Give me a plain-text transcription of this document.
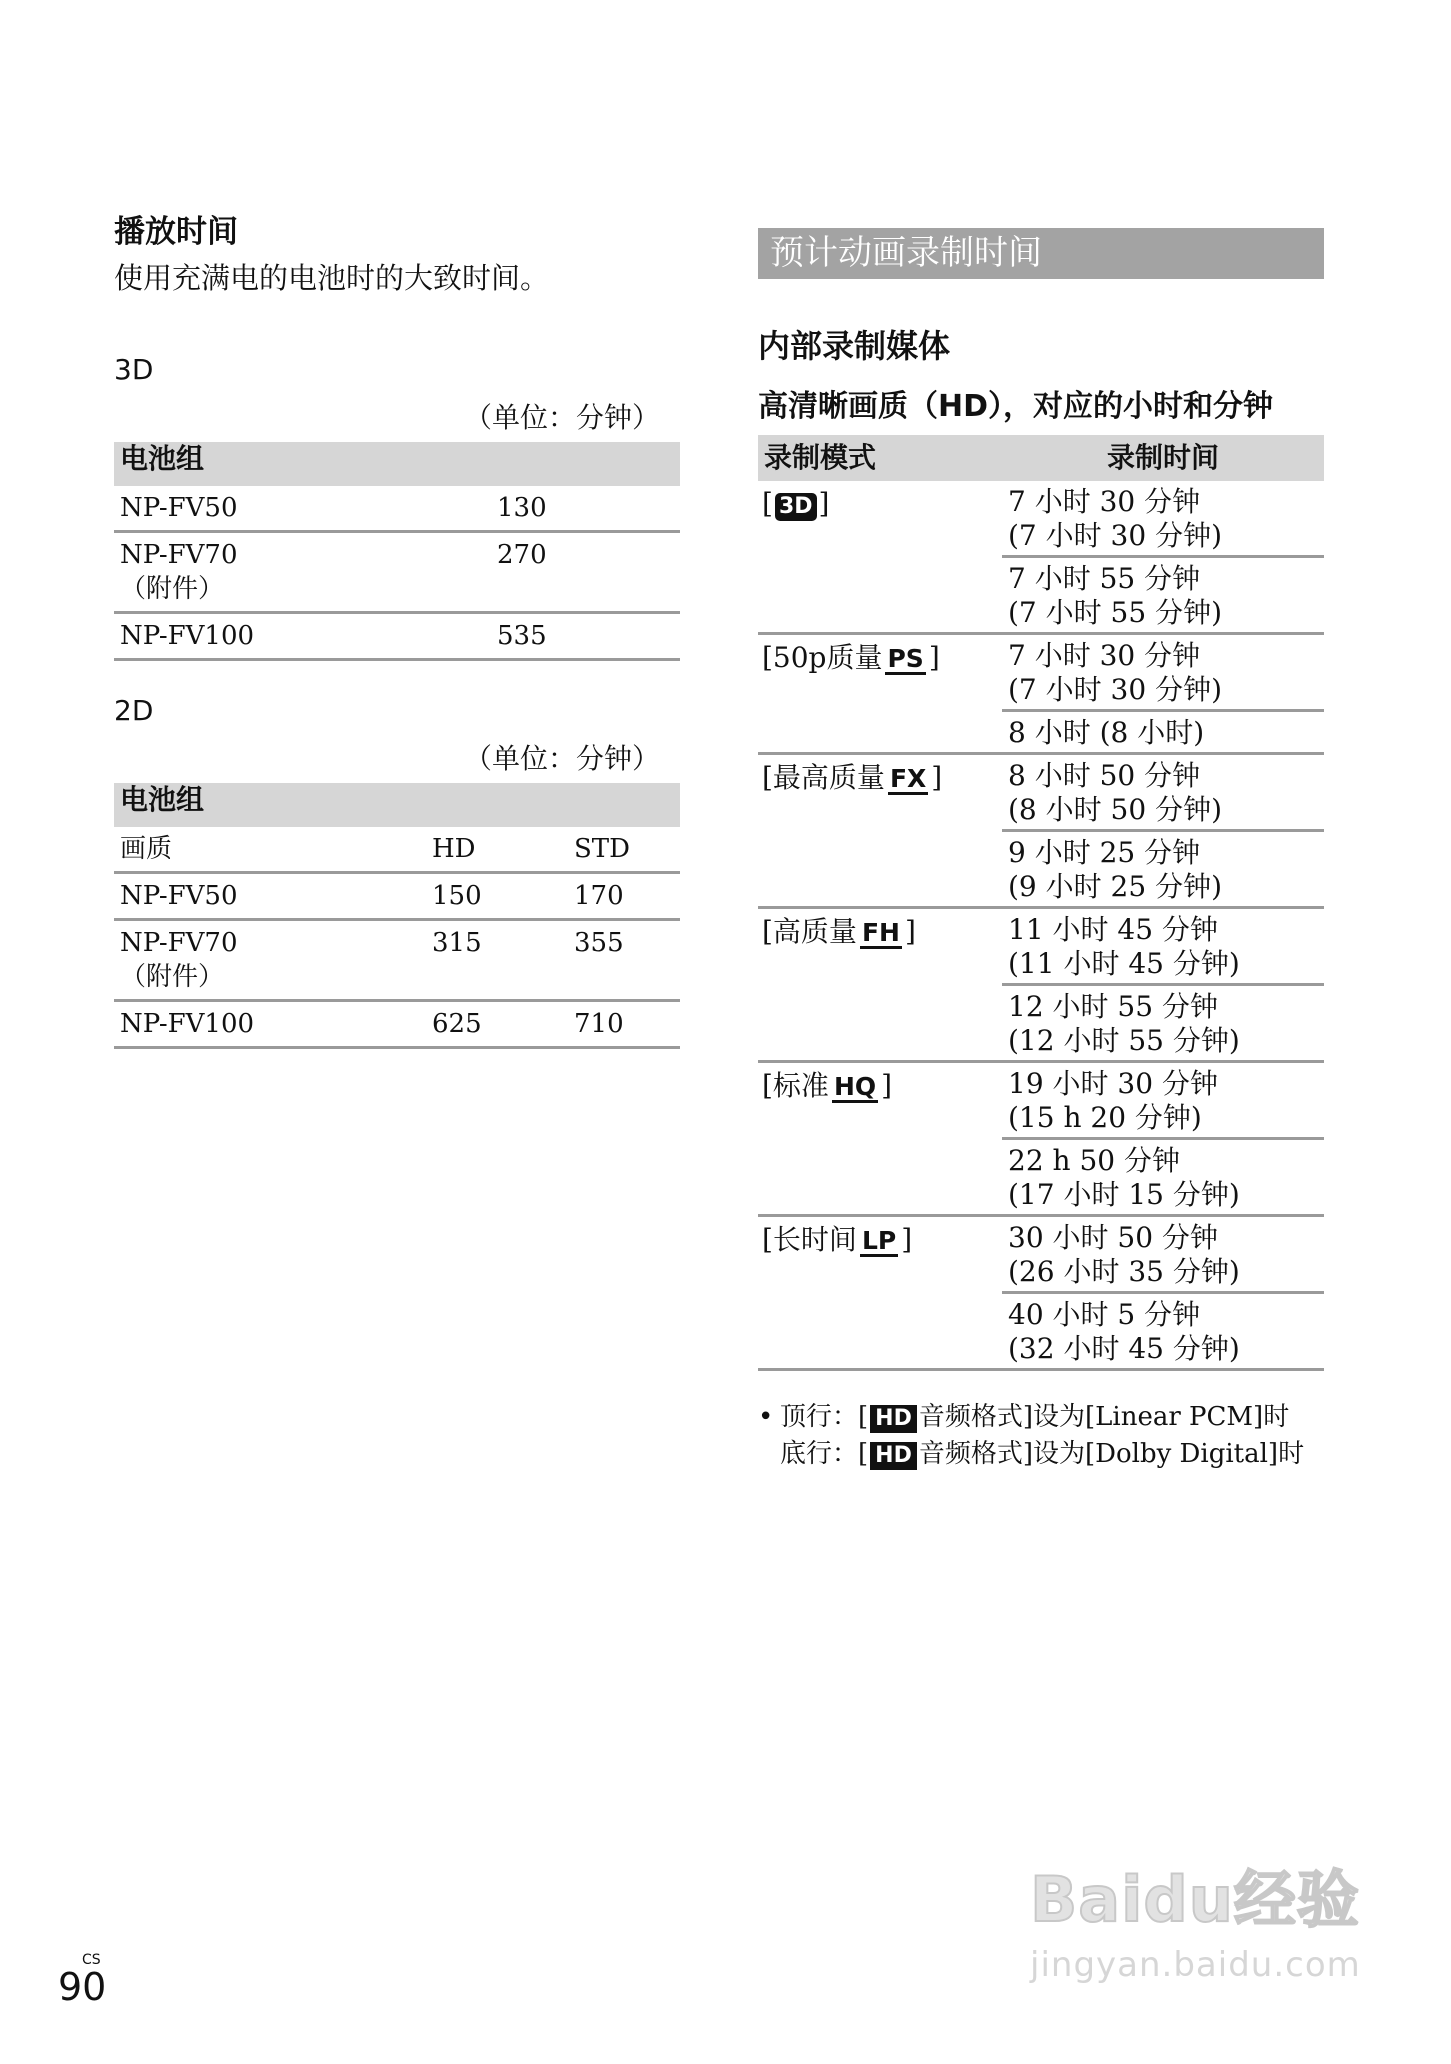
播放时间
使用充满电的电池时的大致时间。
3D
（单位：分钟）
电池组	
NP-FV50	130
NP-FV70
（附件）	270
NP-FV100	535
2D
（单位：分钟）
电池组		
画质	HD	STD
NP-FV50	150	170
NP-FV70
（附件）	315	355
NP-FV100	625	710
预计动画录制时间
内部录制媒体
高清晰画质（HD），对应的小时和分钟
录制模式	录制时间
[ 3D ]	7 小时 30 分钟
(7 小时 30 分钟)
	7 小时 55 分钟
(7 小时 55 分钟)
[50p质量 PS ]	7 小时 30 分钟
(7 小时 30 分钟)
	8 小时 (8 小时)
[最高质量 FX ]	8 小时 50 分钟
(8 小时 50 分钟)
	9 小时 25 分钟
(9 小时 25 分钟)
[高质量 FH ]	11 小时 45 分钟
(11 小时 45 分钟)
	12 小时 55 分钟
(12 小时 55 分钟)
[标准 HQ ]	19 小时 30 分钟
(15 h 20 分钟)
	22 h 50 分钟
(17 小时 15 分钟)
[长时间 LP ]	30 小时 50 分钟
(26 小时 35 分钟)
	40 小时 5 分钟
(32 小时 45 分钟)
• 顶行：[ HD 音频格式]设为[Linear PCM]时
底行：[ HD 音频格式]设为[Dolby Digital]时
CS
90
Baidu经验
jingyan.baidu.com
